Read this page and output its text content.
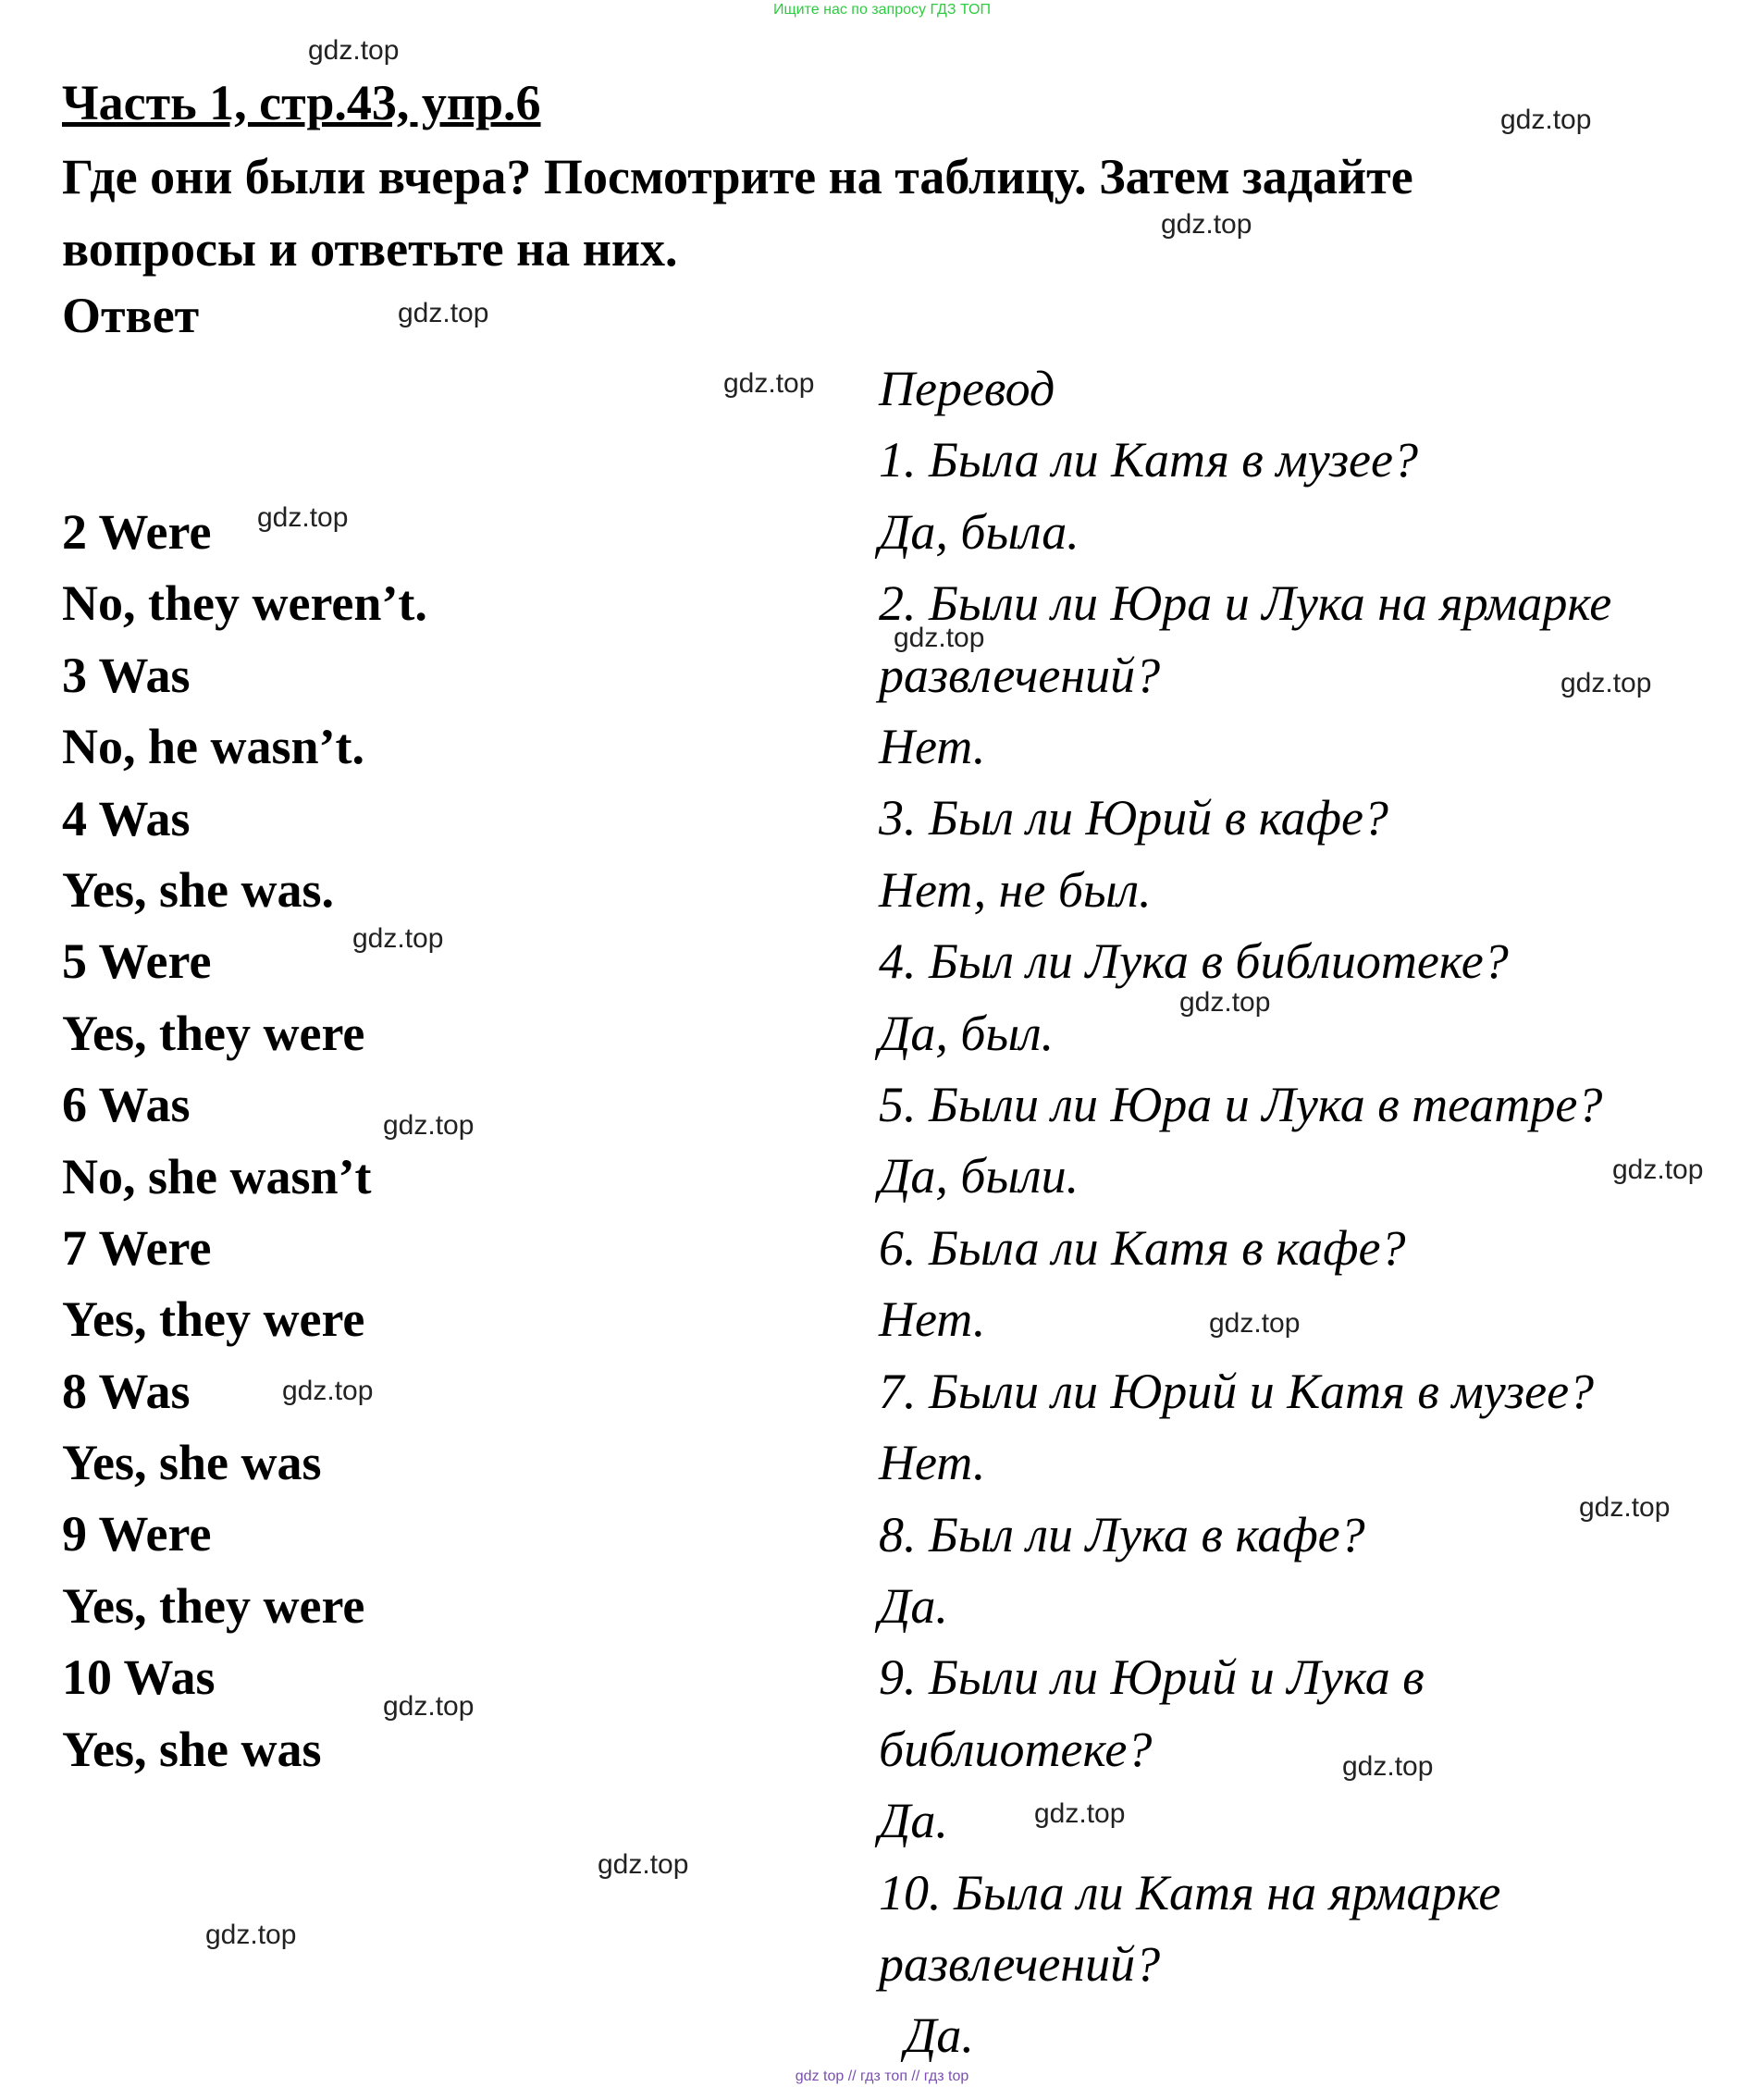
Ищите нас по запросу ГДЗ ТОП
Часть 1, стр.43, упр.6

Где они были вчера? Посмотрите на таблицу. Затем задайте вопросы и ответьте на них.

Ответ

2 Were
No, they weren’t.
3 Was
No, he wasn’t.
4 Was
Yes, she was.
5 Were
Yes, they were
6 Was
No, she wasn’t
7 Were
Yes, they were
8 Was
Yes, she was
9 Were
Yes, they were
10 Was
Yes, she was
Перевод
1. Была ли Катя в музее?
Да, была.
2. Были ли Юра и Лука на ярмарке
развлечений?
Нет.
3. Был ли Юрий в кафе?
Нет, не был.
4. Был ли Лука в библиотеке?
Да, был.
5. Были ли Юра и Лука в театре?
Да, были.
6. Была ли Катя в кафе?
Нет.
7. Были ли Юрий и Катя в музее?
Нет.
8. Был ли Лука в кафе?
Да.
9. Были ли Юрий и Лука в
библиотеке?
Да.
10. Была ли Катя на ярмарке
развлечений?
Да.
gdz.top
gdz.top
gdz.top
gdz.top
gdz.top
gdz.top
gdz.top
gdz.top
gdz.top
gdz.top
gdz.top
gdz.top
gdz.top
gdz.top
gdz.top
gdz.top
gdz.top
gdz.top
gdz.top
gdz.top
gdz top // гдз топ // гдз top
